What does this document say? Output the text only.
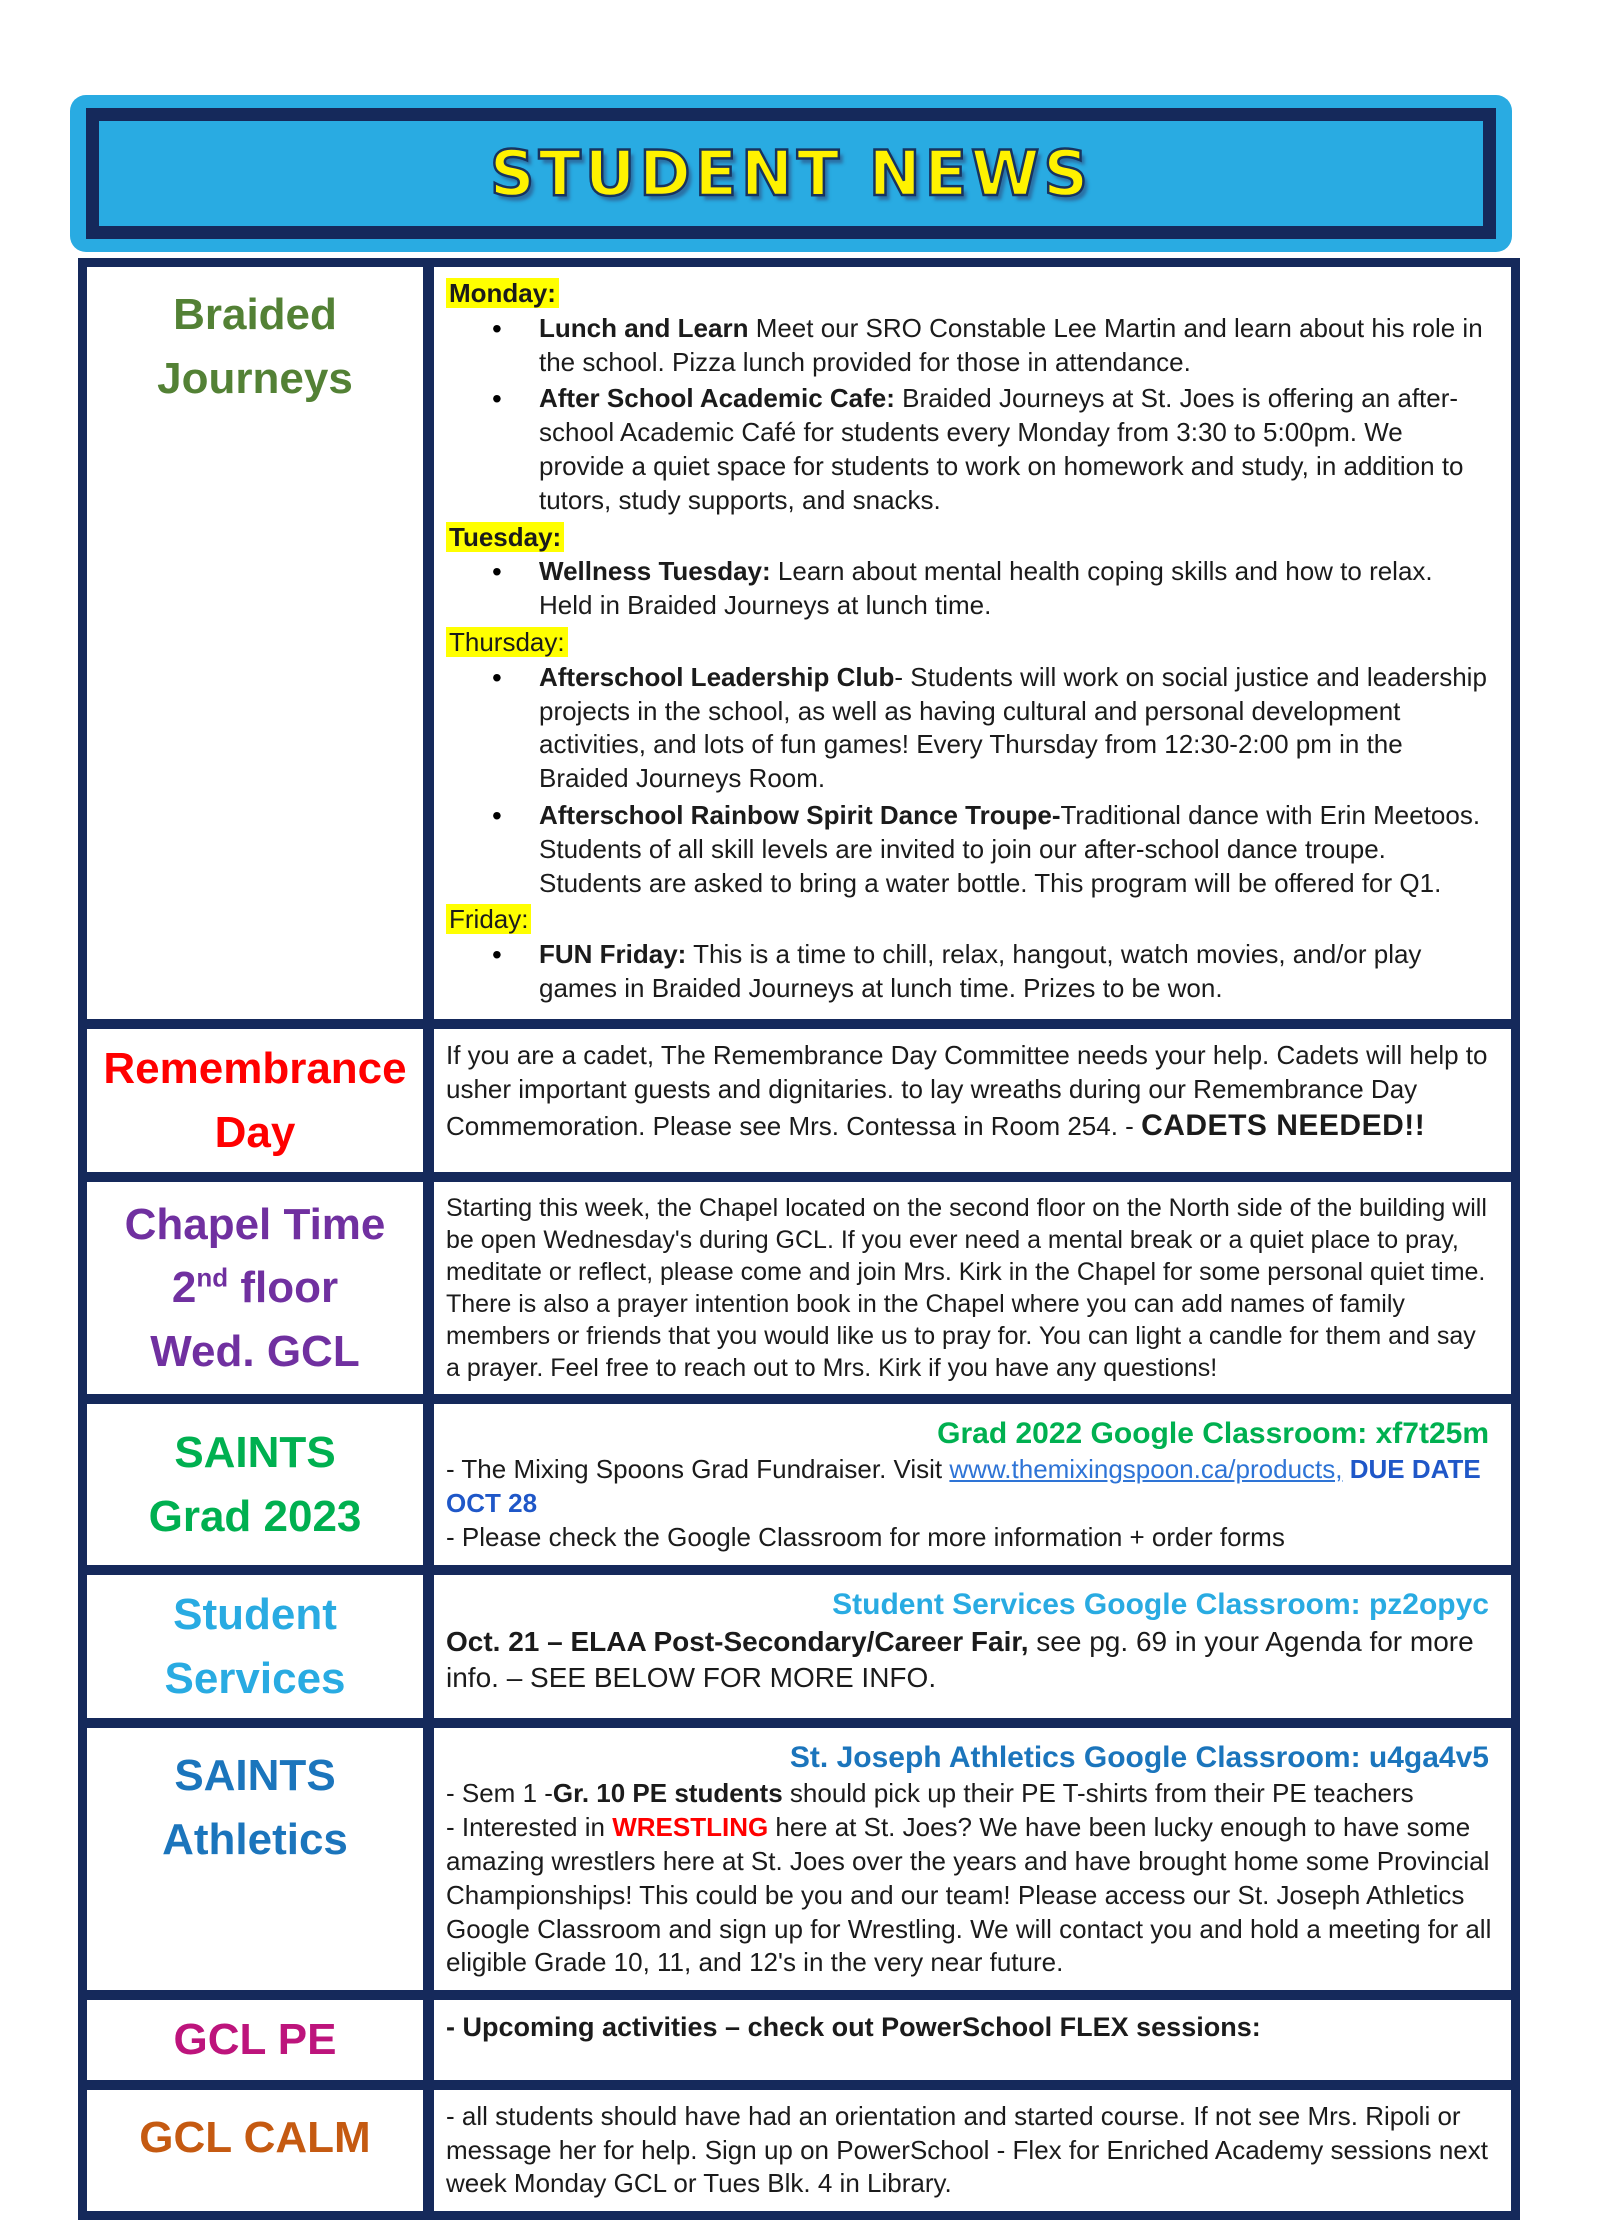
STUDENT NEWS
Braided
Journeys
Monday:
• Lunch and Learn Meet our SRO Constable Lee Martin and learn about his role in the school. Pizza lunch provided for those in attendance.
• After School Academic Cafe: Braided Journeys at St. Joes is offering an after-school Academic Café for students every Monday from 3:30 to 5:00pm. We provide a quiet space for students to work on homework and study, in addition to tutors, study supports, and snacks.
Tuesday:
• Wellness Tuesday: Learn about mental health coping skills and how to relax. Held in Braided Journeys at lunch time.
Thursday:
• Afterschool Leadership Club- Students will work on social justice and leadership projects in the school, as well as having cultural and personal development activities, and lots of fun games! Every Thursday from 12:30-2:00 pm in the Braided Journeys Room.
• Afterschool Rainbow Spirit Dance Troupe-Traditional dance with Erin Meetoos. Students of all skill levels are invited to join our after-school dance troupe. Students are asked to bring a water bottle. This program will be offered for Q1.
Friday:
• FUN Friday: This is a time to chill, relax, hangout, watch movies, and/or play games in Braided Journeys at lunch time. Prizes to be won.
Remembrance
Day
If you are a cadet, The Remembrance Day Committee needs your help. Cadets will help to usher important guests and dignitaries. to lay wreaths during our Remembrance Day Commemoration. Please see Mrs. Contessa in Room 254. - CADETS NEEDED!!
Chapel Time
2nd floor
Wed. GCL
Starting this week, the Chapel located on the second floor on the North side of the building will be open Wednesday's during GCL. If you ever need a mental break or a quiet place to pray, meditate or reflect, please come and join Mrs. Kirk in the Chapel for some personal quiet time. There is also a prayer intention book in the Chapel where you can add names of family members or friends that you would like us to pray for. You can light a candle for them and say a prayer. Feel free to reach out to Mrs. Kirk if you have any questions!
SAINTS
Grad 2023
Grad 2022 Google Classroom: xf7t25m
- The Mixing Spoons Grad Fundraiser. Visit www.themixingspoon.ca/products, DUE DATE OCT 28
- Please check the Google Classroom for more information + order forms
Student
Services
Student Services Google Classroom: pz2opyc
Oct. 21 – ELAA Post-Secondary/Career Fair, see pg. 69 in your Agenda for more info. – SEE BELOW FOR MORE INFO.
SAINTS
Athletics
St. Joseph Athletics Google Classroom: u4ga4v5
- Sem 1 -Gr. 10 PE students should pick up their PE T-shirts from their PE teachers
- Interested in WRESTLING here at St. Joes? We have been lucky enough to have some amazing wrestlers here at St. Joes over the years and have brought home some Provincial Championships! This could be you and our team! Please access our St. Joseph Athletics Google Classroom and sign up for Wrestling. We will contact you and hold a meeting for all eligible Grade 10, 11, and 12's in the very near future.
GCL PE	- Upcoming activities – check out PowerSchool FLEX sessions:
GCL CALM	- all students should have had an orientation and started course. If not see Mrs. Ripoli or message her for help. Sign up on PowerSchool - Flex for Enriched Academy sessions next week Monday GCL or Tues Blk. 4 in Library.
